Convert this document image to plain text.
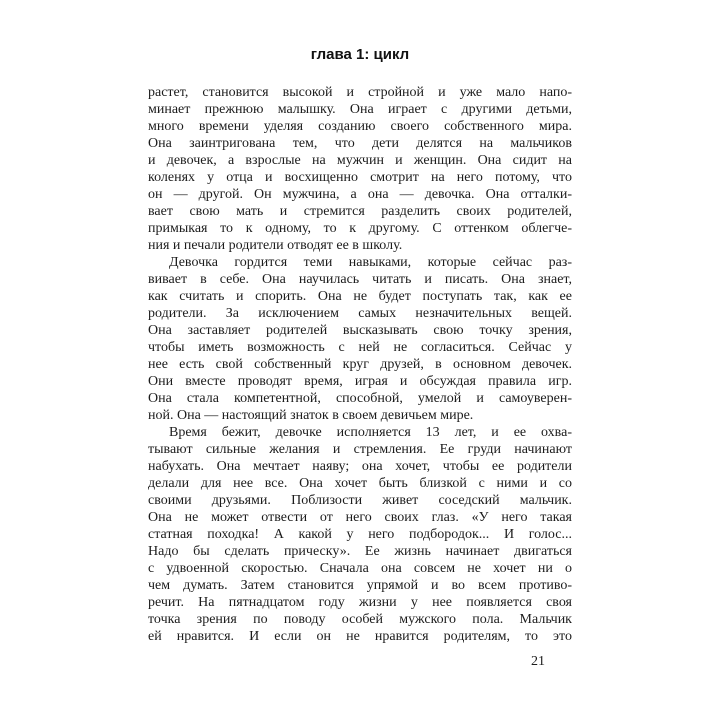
глава 1: цикл
растет, становится высокой и стройной и уже мало напо-
минает прежнюю малышку. Она играет с другими детьми,
много времени уделяя созданию своего собственного мира.
Она заинтригована тем, что дети делятся на мальчиков
и девочек, а взрослые на мужчин и женщин. Она сидит на
коленях у отца и восхищенно смотрит на него потому, что
он — другой. Он мужчина, а она — девочка. Она отталки-
вает свою мать и стремится разделить своих родителей,
примыкая то к одному, то к другому. С оттенком облегче-
ния и печали родители отводят ее в школу.
Девочка гордится теми навыками, которые сейчас раз-
вивает в себе. Она научилась читать и писать. Она знает,
как считать и спорить. Она не будет поступать так, как ее
родители. За исключением самых незначительных вещей.
Она заставляет родителей высказывать свою точку зрения,
чтобы иметь возможность с ней не согласиться. Сейчас у
нее есть свой собственный круг друзей, в основном девочек.
Они вместе проводят время, играя и обсуждая правила игр.
Она стала компетентной, способной, умелой и самоуверен-
ной. Она — настоящий знаток в своем девичьем мире.
Время бежит, девочке исполняется 13 лет, и ее охва-
тывают сильные желания и стремления. Ее груди начинают
набухать. Она мечтает наяву; она хочет, чтобы ее родители
делали для нее все. Она хочет быть близкой с ними и со
своими друзьями. Поблизости живет соседский мальчик.
Она не может отвести от него своих глаз. «У него такая
статная походка! А какой у него подбородок... И голос...
Надо бы сделать прическу». Ее жизнь начинает двигаться
с удвоенной скоростью. Сначала она совсем не хочет ни о
чем думать. Затем становится упрямой и во всем противо-
речит. На пятнадцатом году жизни у нее появляется своя
точка зрения по поводу особей мужского пола. Мальчик
ей нравится. И если он не нравится родителям, то это
21
